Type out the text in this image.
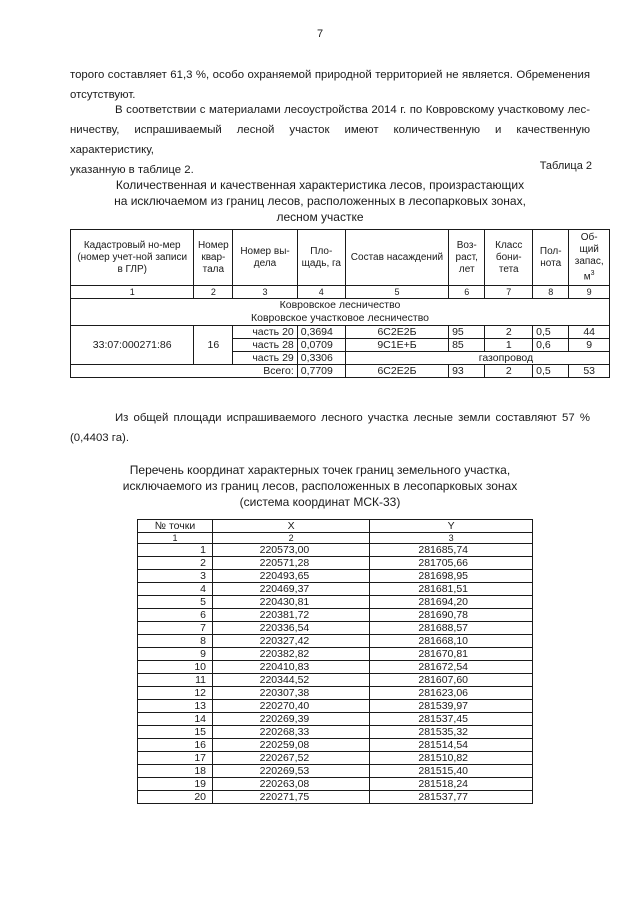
7
торого составляет 61,3 %, особо охраняемой природной территорией не является. Обременения
отсутствуют.
В соответствии с материалами лесоустройства 2014 г. по Ковровскому участковому лес-
ничеству, испрашиваемый лесной участок имеют количественную и качественную характеристику,
указанную в таблице 2.	Таблица 2
Количественная и качественная характеристика лесов, произрастающих
на исключаемом из границ лесов, расположенных в лесопарковых зонах,
лесном участке
Кадастровый но-мер (номер учет-ной записи в ГЛР)	Номер квар-тала	Номер вы-дела	Пло-щадь, га	Состав насаждений	Воз-раст, лет	Класс бони-тета	Пол-нота	Об-щий запас, $м^3$
1	2	3	4	5	6	7	8	9

Ковровское лесничество
Ковровское участковое лесничество								

33:07:000271:86	16	часть 20	0,3694	6С2Е2Б	95	2	0,5	44
		часть 28	0,0709	9С1Е+Б	85	1	0,6	9
		часть 29	0,3306	газопровод				
Всего:			0,7709	6С2Е2Б	93	2	0,5	53
Из общей площади испрашиваемого лесного участка лесные земли составляют 57 %
(0,4403 га).
Перечень координат характерных точек границ земельного участка,
исключаемого из границ лесов, расположенных в лесопарковых зонах
(система координат МСК-33)
№ точки	X	Y
1	2	3
1	220573,00	281685,74
2	220571,28	281705,66
3	220493,65	281698,95
4	220469,37	281681,51
5	220430,81	281694,20
6	220381,72	281690,78
7	220336,54	281688,57
8	220327,42	281668,10
9	220382,82	281670,81
10	220410,83	281672,54
11	220344,52	281607,60
12	220307,38	281623,06
13	220270,40	281539,97
14	220269,39	281537,45
15	220268,33	281535,32
16	220259,08	281514,54
17	220267,52	281510,82
18	220269,53	281515,40
19	220263,08	281518,24
20	220271,75	281537,77
